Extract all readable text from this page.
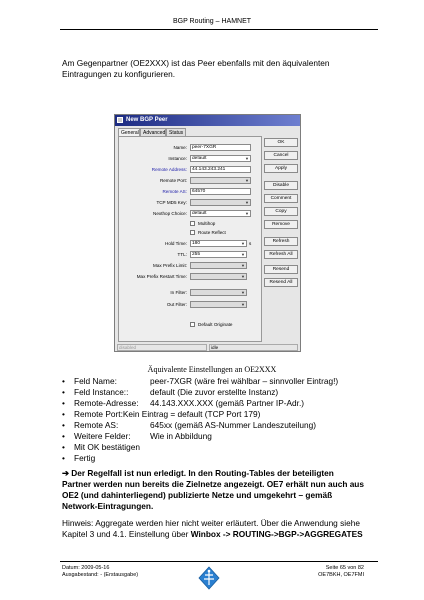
BGP Routing – HAMNET
Am Gegenpartner (OE2XXX) ist das Peer ebenfalls mit den äquivalenten Eintragungen zu konfigurieren.
New BGP Peer
General Advanced Status
Name:	peer-7XGR
Instance:	default	▼
Remote Address:	44.143.243.241
Remote Port:	▼
Remote AS:	64570
TCP MD5 Key:	▼
Nexthop Choice:	default	▼
Multihop
Route Reflect
Hold Time:	180	▼ s
TTL:	255	▼
Max Prefix Limit:	▼
Max Prefix Restart Time:	▼
In Filter:	▼
Out Filter:	▼
Default Originate
OK
Cancel
Apply
Disable
Comment
Copy
Remove
Refresh
Refresh All
Resend
Resend All
disabled	idle
Äquivalente Einstellungen an OE2XXX
• Feld Name:	peer-7XGR (wäre frei wählbar – sinnvoller Eintrag!)
• Feld Instance::	default (Die zuvor erstellte Instanz)
• Remote-Adresse: 44.143.XXX.XXX (gemäß Partner IP-Adr.)
• Remote Port:Kein Eintrag = default (TCP Port 179)
• Remote AS:	645xx (gemäß AS-Nummer Landeszuteilung)
• Weitere Felder: Wie in Abbildung
• Mit OK bestätigen
• Fertig
➔ Der Regelfall ist nun erledigt. In den Routing-Tables der beteiligten Partner werden nun bereits die Zielnetze angezeigt. OE7 erhält nun auch aus OE2 (und dahinterliegend) publizierte Netze und umgekehrt – gemäß Network-Eintragungen.
Hinweis: Aggregate werden hier nicht weiter erläutert. Über die Anwendung siehe Kapitel 3 und 4.1. Einstellung über Winbox -> ROUTING->BGP->AGGREGATES
Datum: 2009-05-16
Ausgabestand: - (Erstausgabe)
Seite 65 von 82
OE7BKH, OE7FMI
